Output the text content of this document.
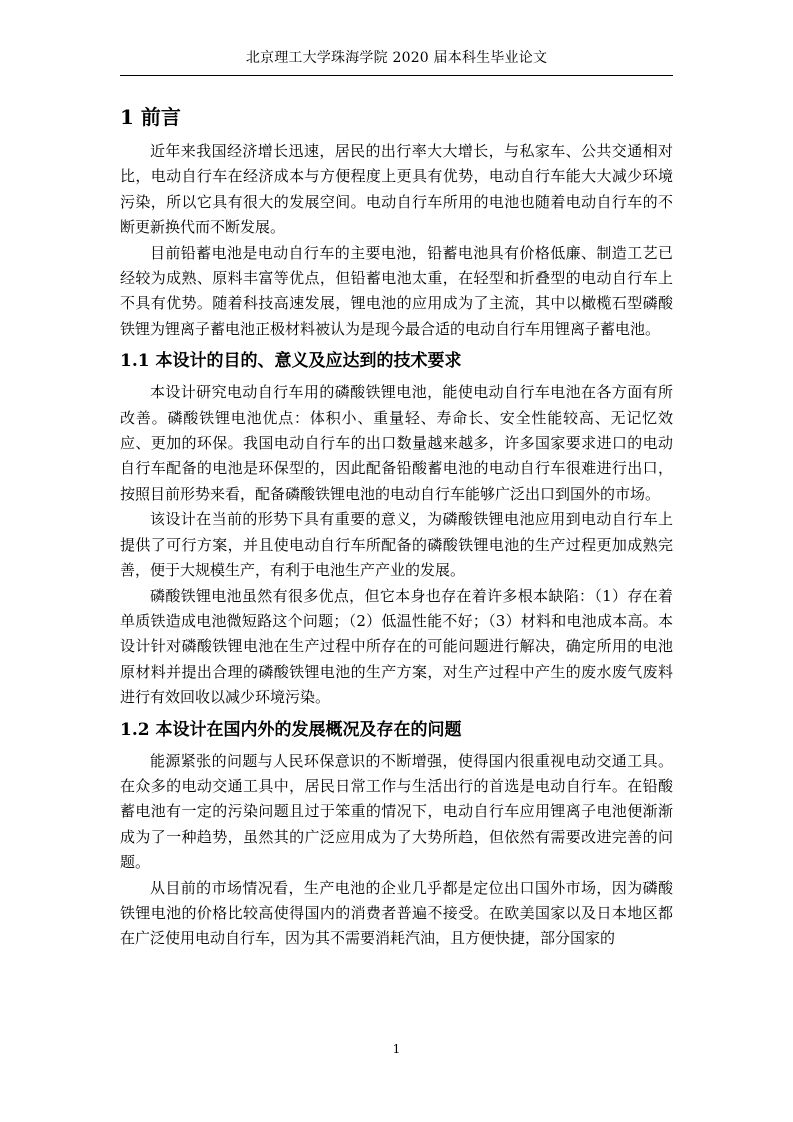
北京理工大学珠海学院 2020 届本科生毕业论文
1 前言

近年来我国经济增长迅速，居民的出行率大大增长，与私家车、公共交通相对比，电动自行车在经济成本与方便程度上更具有优势，电动自行车能大大减少环境污染，所以它具有很大的发展空间。电动自行车所用的电池也随着电动自行车的不断更新换代而不断发展。

目前铅蓄电池是电动自行车的主要电池，铅蓄电池具有价格低廉、制造工艺已经较为成熟、原料丰富等优点，但铅蓄电池太重，在轻型和折叠型的电动自行车上不具有优势。随着科技高速发展，锂电池的应用成为了主流，其中以橄榄石型磷酸铁锂为锂离子蓄电池正极材料被认为是现今最合适的电动自行车用锂离子蓄电池。

1.1 本设计的目的、意义及应达到的技术要求

本设计研究电动自行车用的磷酸铁锂电池，能使电动自行车电池在各方面有所改善。磷酸铁锂电池优点：体积小、重量轻、寿命长、安全性能较高、无记忆效应、更加的环保。我国电动自行车的出口数量越来越多，许多国家要求进口的电动自行车配备的电池是环保型的，因此配备铅酸蓄电池的电动自行车很难进行出口，按照目前形势来看，配备磷酸铁锂电池的电动自行车能够广泛出口到国外的市场。

该设计在当前的形势下具有重要的意义，为磷酸铁锂电池应用到电动自行车上提供了可行方案，并且使电动自行车所配备的磷酸铁锂电池的生产过程更加成熟完善，便于大规模生产，有利于电池生产产业的发展。

磷酸铁锂电池虽然有很多优点，但它本身也存在着许多根本缺陷：（1）存在着单质铁造成电池微短路这个问题；（2）低温性能不好；（3）材料和电池成本高。本设计针对磷酸铁锂电池在生产过程中所存在的可能问题进行解决，确定所用的电池原材料并提出合理的磷酸铁锂电池的生产方案，对生产过程中产生的废水废气废料进行有效回收以减少环境污染。

1.2 本设计在国内外的发展概况及存在的问题

能源紧张的问题与人民环保意识的不断增强，使得国内很重视电动交通工具。在众多的电动交通工具中，居民日常工作与生活出行的首选是电动自行车。在铅酸蓄电池有一定的污染问题且过于笨重的情况下，电动自行车应用锂离子电池便渐渐成为了一种趋势，虽然其的广泛应用成为了大势所趋，但依然有需要改进完善的问题。

从目前的市场情况看，生产电池的企业几乎都是定位出口国外市场，因为磷酸铁锂电池的价格比较高使得国内的消费者普遍不接受。在欧美国家以及日本地区都在广泛使用电动自行车，因为其不需要消耗汽油，且方便快捷，部分国家的

1
